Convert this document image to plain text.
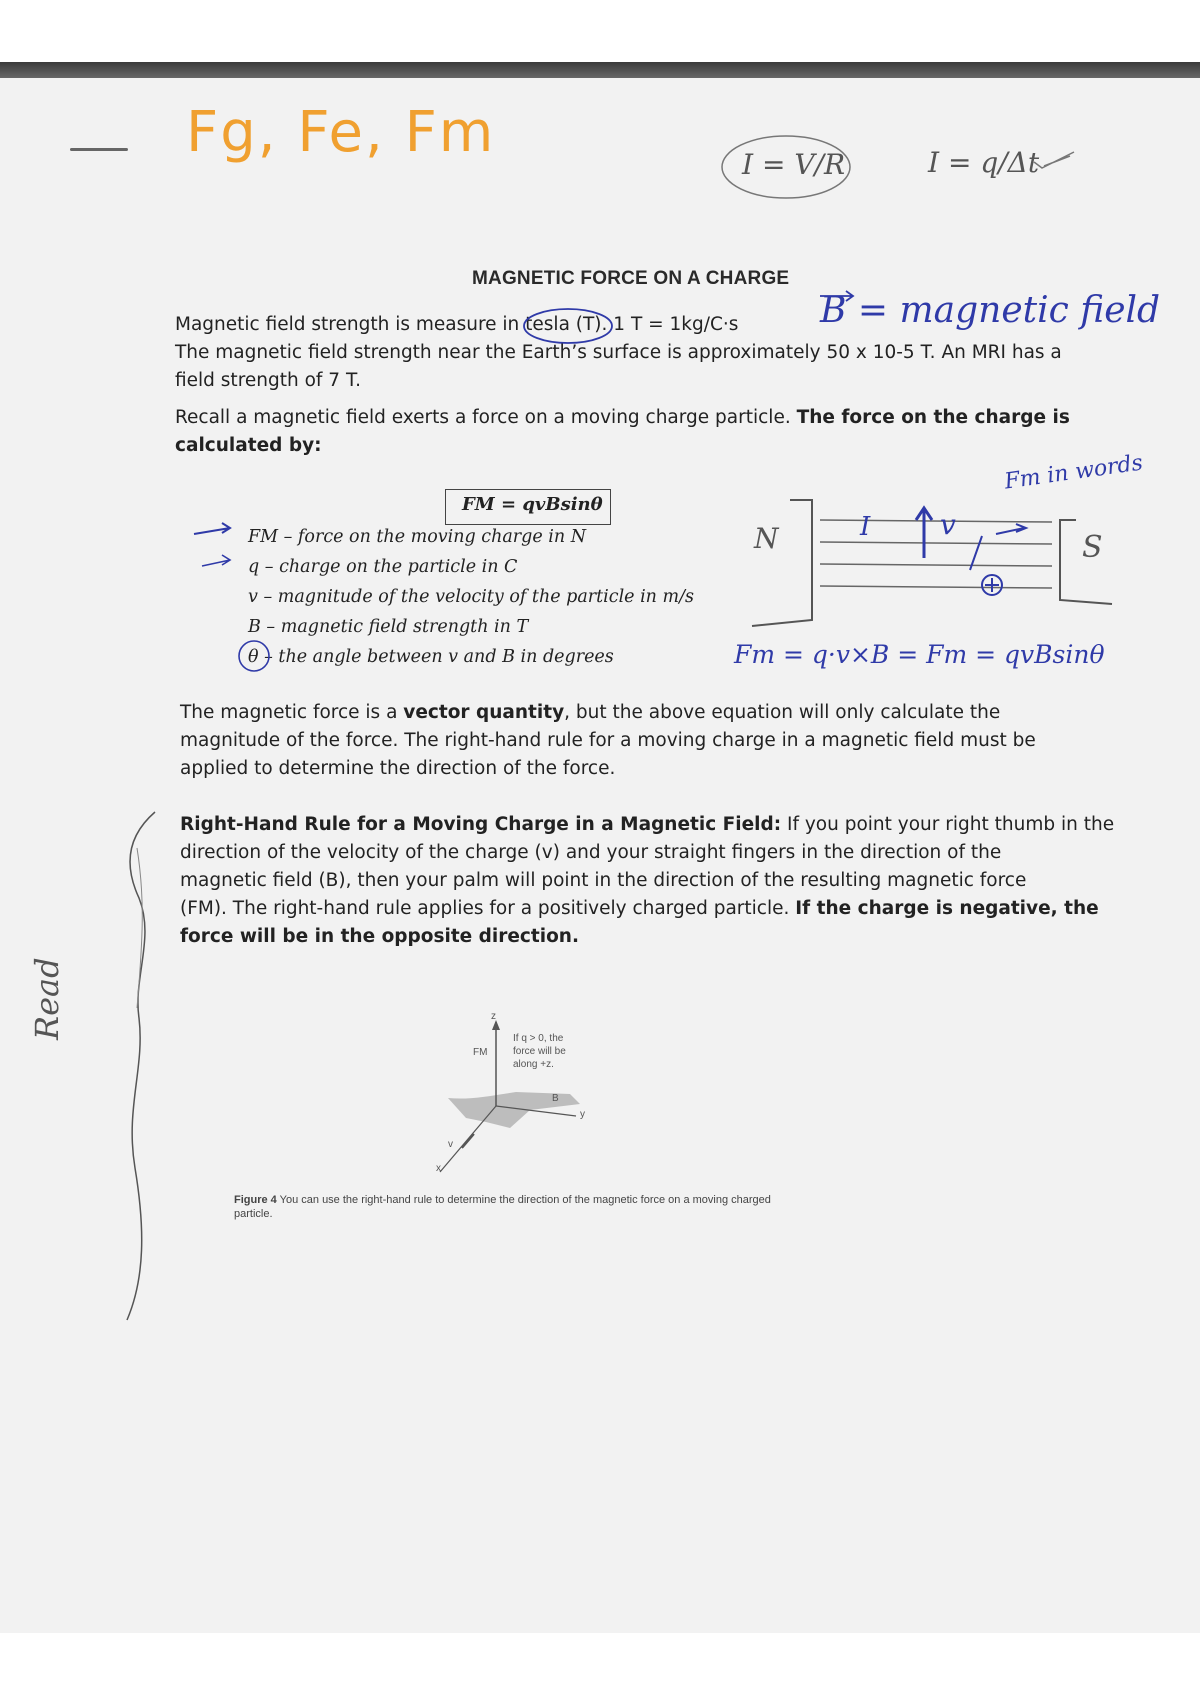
Fg, Fe, Fm	I = V/R	I = q/Δt
MAGNETIC FORCE ON A CHARGE
Magnetic field strength is measure in tesla (T). 1 T = 1kg/C·s B = magnetic field
The magnetic field strength near the Earth’s surface is approximately 50 x 10-5 T. An MRI has a
field strength of 7 T.
Recall a magnetic field exerts a force on a moving charge particle. The force on the charge is
calculated by:
FM = qvBsinθ
FM – force on the moving charge in N
q – charge on the particle in C
v – magnitude of the velocity of the particle in m/s
B – magnetic field strength in T
θ – the angle between v and B in degrees
N	S
I v
Fm in words
Fm = q·v×B = Fm = qvBsinθ
The magnetic force is a vector quantity, but the above equation will only calculate the
magnitude of the force. The right-hand rule for a moving charge in a magnetic field must be
applied to determine the direction of the force.
Right-Hand Rule for a Moving Charge in a Magnetic Field: If you point your right thumb in the
direction of the velocity of the charge (v) and your straight fingers in the direction of the
magnetic field (B), then your palm will point in the direction of the resulting magnetic force
(FM). The right-hand rule applies for a positively charged particle. If the charge is negative, the
force will be in the opposite direction.
Read	z
y
x
FM
B
v
If q > 0, the
force will be
along +z.
Figure 4 You can use the right-hand rule to determine the direction of the magnetic force on a moving charged particle.
